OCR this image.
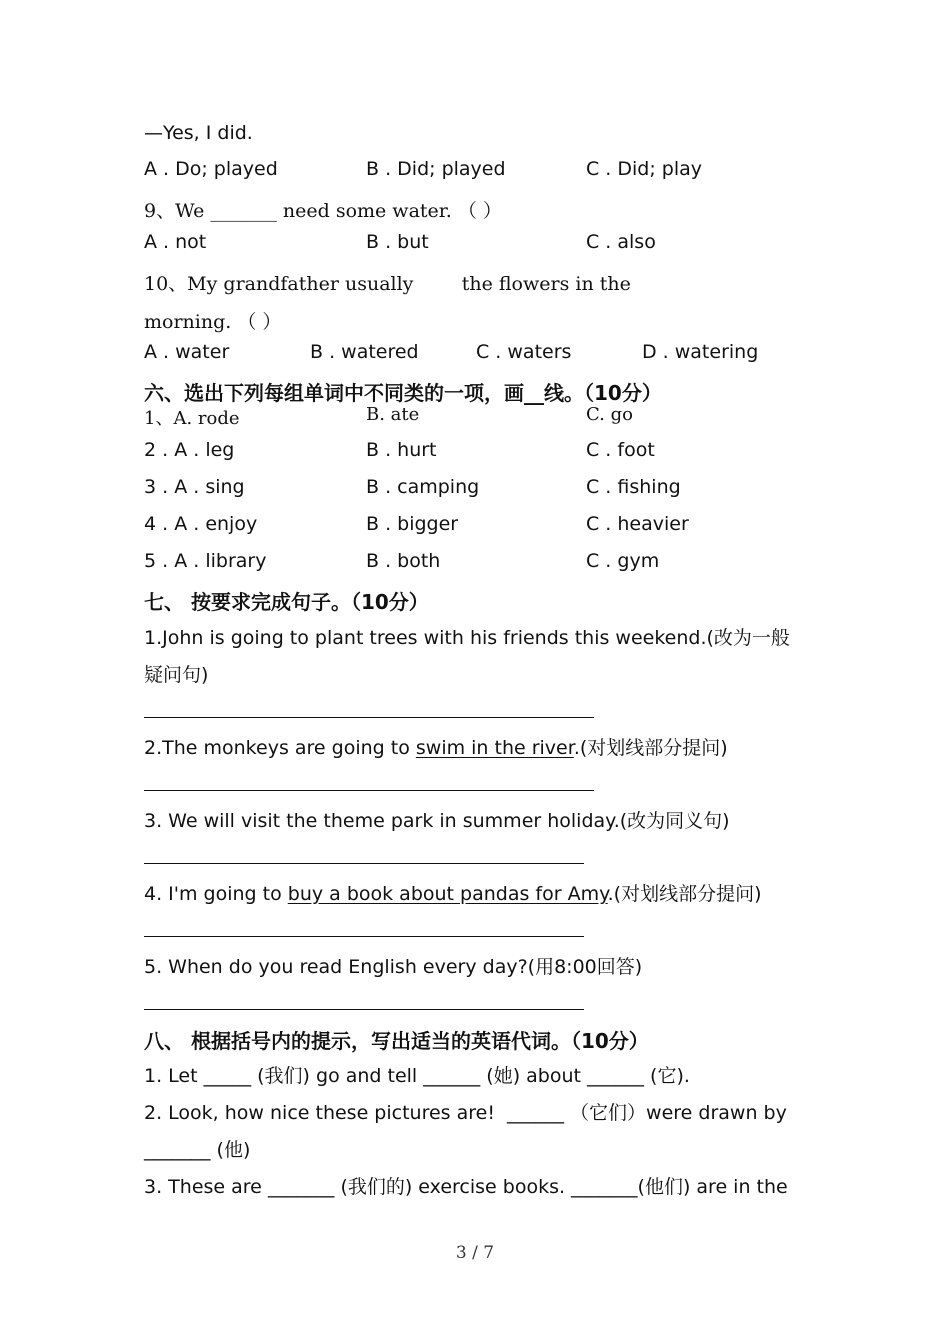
—Yes, I did.
A . Do; played	B . Did; played	C . Did; play
9、We _______ need some water. （ ）
A . not	B . but	C . also
10、My grandfather usually        the flowers in the
morning. （ ）
A . water	B . watered	C . waters	D . watering
六、选出下列每组单词中不同类的一项，画__线。（10分）
1、A. rode	B. ate	C. go
2 . A . leg	B . hurt	C . foot
3 . A . sing	B . camping	C . fishing
4 . A . enjoy	B . bigger	C . heavier
5 . A . library	B . both	C . gym
七、 按要求完成句子。（10分）
1.John is going to plant trees with his friends this weekend.(改为一般
疑问句)
2.The monkeys are going to swim in the river.(对划线部分提问)
3. We will visit the theme park in summer holiday.(改为同义句)
4. I'm going to buy a book about pandas for Amy.(对划线部分提问)
5. When do you read English every day?(用8:00回答)
八、 根据括号内的提示，写出适当的英语代词。（10分）
1. Let _____ (我们) go and tell ______ (她) about ______ (它).
2. Look, how nice these pictures are!  ______ （它们）were drawn by
_______ (他)
3. These are _______ (我们的) exercise books. _______(他们) are in the
3 / 7
